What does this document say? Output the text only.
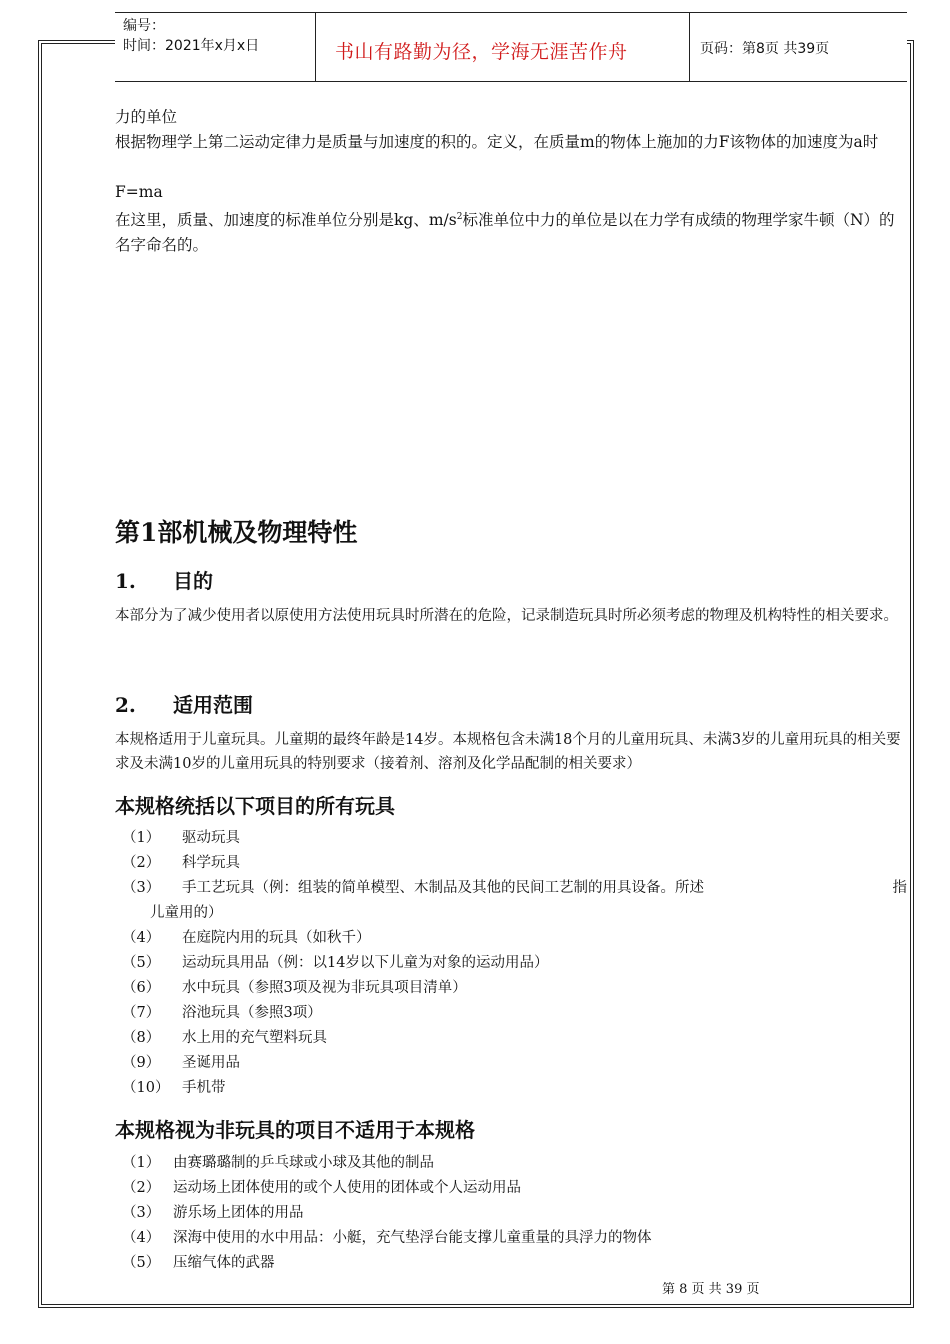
编号：
时间：2021年x月x日	书山有路勤为径，学海无涯苦作舟	页码：第8页 共39页

力的单位

根据物理学上第二运动定律力是质量与加速度的积的。定义，在质量m的物体上施加的力F该物体的加速度为a时

F=ma

在这里，质量、加速度的标准单位分别是kg、$m/s^2$标准单位中力的单位是以在力学有成绩的物理学家牛顿（N）的名字命名的。

第1部机械及物理特性
1. 目的

本部分为了减少使用者以原使用方法使用玩具时所潜在的危险，记录制造玩具时所必须考虑的物理及机构特性的相关要求。

2. 适用范围

本规格适用于儿童玩具。儿童期的最终年龄是14岁。本规格包含未满18个月的儿童用玩具、未满3岁的儿童用玩具的相关要求及未满10岁的儿童用玩具的特别要求（接着剂、溶剂及化学品配制的相关要求）

本规格统括以下项目的所有玩具
（1） 驱动玩具
（2） 科学玩具
（3） 手工艺玩具（例：组装的简单模型、木制品及其他的民间工艺制的用具设备。所述	指
儿童用的）
（4） 在庭院内用的玩具（如秋千）
（5） 运动玩具用品（例：以14岁以下儿童为对象的运动用品）
（6） 水中玩具（参照3项及视为非玩具项目清单）
（7） 浴池玩具（参照3项）
（8） 水上用的充气塑料玩具
（9） 圣诞用品
（10） 手机带
本规格视为非玩具的项目不适用于本规格
（1） 由赛璐璐制的乒乓球或小球及其他的制品
（2） 运动场上团体使用的或个人使用的团体或个人运动用品
（3） 游乐场上团体的用品
（4） 深海中使用的水中用品：小艇，充气垫浮台能支撑儿童重量的具浮力的物体
（5） 压缩气体的武器
第 8 页 共 39 页
